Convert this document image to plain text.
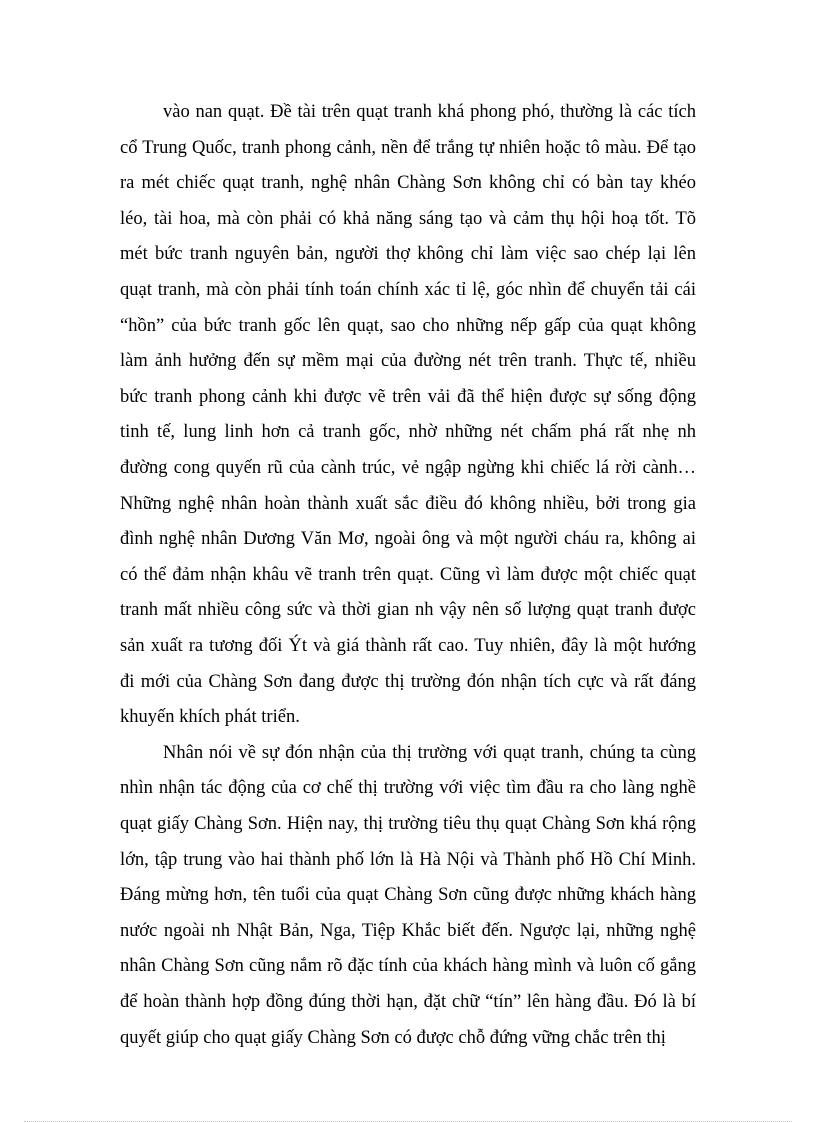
vào nan quạt. Đề tài trên quạt tranh khá phong phó, thường là các tích
cổ Trung Quốc, tranh phong cảnh, nền để trắng tự nhiên hoặc tô màu. Để tạo
ra mét chiếc quạt tranh, nghệ nhân Chàng Sơn không chỉ có bàn tay khéo
léo, tài hoa, mà còn phải có khả năng sáng tạo và cảm thụ hội hoạ tốt. Tõ
mét bức tranh nguyên bản, người thợ không chỉ làm việc sao chép lại lên
quạt tranh, mà còn phải tính toán chính xác tỉ lệ, góc nhìn để chuyển tải cái
“hồn” của bức tranh gốc lên quạt, sao cho những nếp gấp của quạt không
làm ảnh hưởng đến sự mềm mại của đường nét trên tranh. Thực tế, nhiều
bức tranh phong cảnh khi được vẽ trên vải đã thể hiện được sự sống động
tinh tế, lung linh hơn cả tranh gốc, nhờ những nét chấm phá rất nhẹ nh
đường cong quyến rũ của cành trúc, vẻ ngập ngừng khi chiếc lá rời cành…
Những nghệ nhân hoàn thành xuất sắc điều đó không nhiều, bởi trong gia
đình nghệ nhân Dương Văn Mơ, ngoài ông và một người cháu ra, không ai
có thể đảm nhận khâu vẽ tranh trên quạt. Cũng vì làm được một chiếc quạt
tranh mất nhiều công sức và thời gian nh vậy nên số lượng quạt tranh được
sản xuất ra tương đối Ýt và giá thành rất cao. Tuy nhiên, đây là một hướng
đi mới của Chàng Sơn đang được thị trường đón nhận tích cực và rất đáng
khuyến khích phát triển.
Nhân nói về sự đón nhận của thị trường với quạt tranh, chúng ta cùng
nhìn nhận tác động của cơ chế thị trường với việc tìm đầu ra cho làng nghề
quạt giấy Chàng Sơn. Hiện nay, thị trường tiêu thụ quạt Chàng Sơn khá rộng
lớn, tập trung vào hai thành phố lớn là Hà Nội và Thành phố Hồ Chí Minh.
Đáng mừng hơn, tên tuổi của quạt Chàng Sơn cũng được những khách hàng
nước ngoài nh Nhật Bản, Nga, Tiệp Khắc biết đến. Ngược lại, những nghệ
nhân Chàng Sơn cũng nắm rõ đặc tính của khách hàng mình và luôn cố gắng
để hoàn thành hợp đồng đúng thời hạn, đặt chữ “tín” lên hàng đầu. Đó là bí
quyết giúp cho quạt giấy Chàng Sơn có được chỗ đứng vững chắc trên thị
